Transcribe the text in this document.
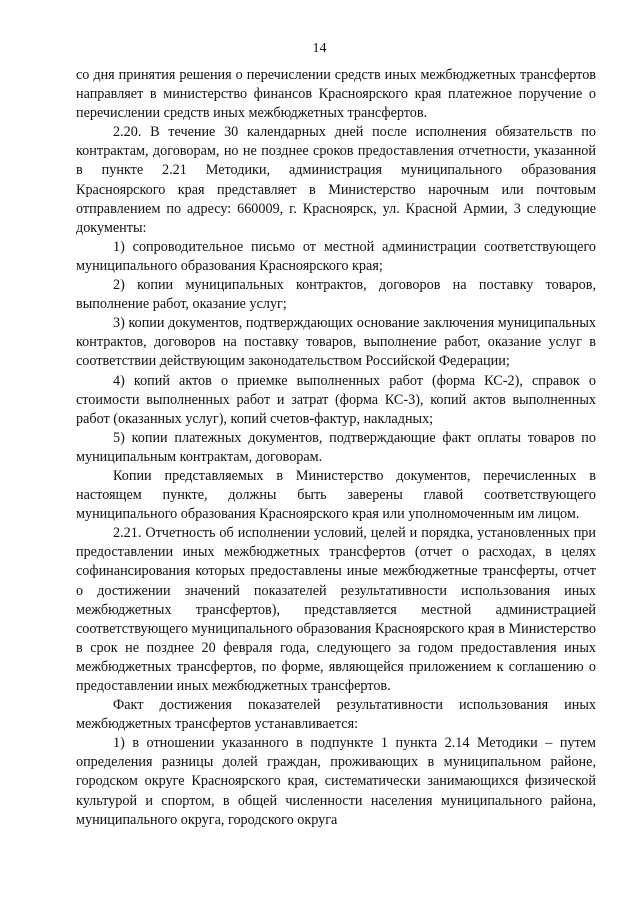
14

со дня принятия решения о перечислении средств иных межбюджетных трансфертов направляет в министерство финансов Красноярского края платежное поручение о перечислении средств иных межбюджетных трансфертов.

2.20. В течение 30 календарных дней после исполнения обязательств по контрактам, договорам, но не позднее сроков предоставления отчетности, указанной в пункте 2.21 Методики, администрация муниципального образования Красноярского края представляет в Министерство нарочным или почтовым отправлением по адресу: 660009, г. Красноярск, ул. Красной Армии, 3 следующие документы:

1) сопроводительное письмо от местной администрации соответствующего муниципального образования Красноярского края;

2) копии муниципальных контрактов, договоров на поставку товаров, выполнение работ, оказание услуг;

3) копии документов, подтверждающих основание заключения муниципальных контрактов, договоров на поставку товаров, выполнение работ, оказание услуг в соответствии действующим законодательством Российской Федерации;

4) копий актов о приемке выполненных работ (форма КС-2), справок о стоимости выполненных работ и затрат (форма КС-3), копий актов выполненных работ (оказанных услуг), копий счетов-фактур, накладных;

5) копии платежных документов, подтверждающие факт оплаты товаров по муниципальным контрактам, договорам.

Копии представляемых в Министерство документов, перечисленных в настоящем пункте, должны быть заверены главой соответствующего муниципального образования Красноярского края или уполномоченным им лицом.

2.21. Отчетность об исполнении условий, целей и порядка, установленных при предоставлении иных межбюджетных трансфертов (отчет о расходах, в целях софинансирования которых предоставлены иные межбюджетные трансферты, отчет о достижении значений показателей результативности использования иных межбюджетных трансфертов), представляется местной администрацией соответствующего муниципального образования Красноярского края в Министерство в срок не позднее 20 февраля года, следующего за годом предоставления иных межбюджетных трансфертов, по форме, являющейся приложением к соглашению о предоставлении иных межбюджетных трансфертов.

Факт достижения показателей результативности использования иных межбюджетных трансфертов устанавливается:

1) в отношении указанного в подпункте 1 пункта 2.14 Методики – путем определения разницы долей граждан, проживающих в муниципальном районе, городском округе Красноярского края, систематически занимающихся физической культурой и спортом, в общей численности населения муниципального района, муниципального округа, городского округа
